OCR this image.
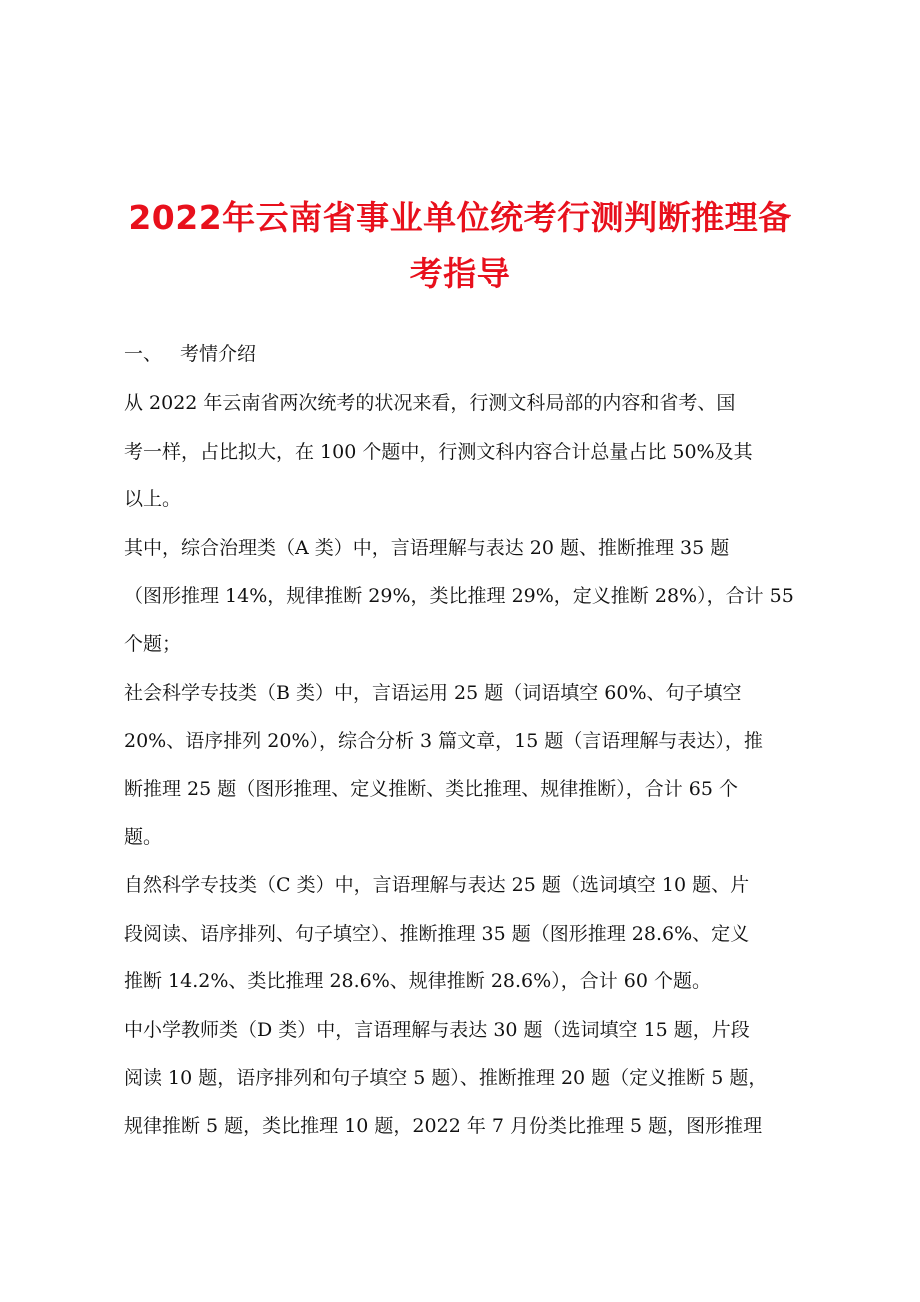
2022年云南省事业单位统考行测判断推理备
考指导
一、 考情介绍

从 2022 年云南省两次统考的状况来看，行测文科局部的内容和省考、国

考一样，占比拟大，在 100 个题中，行测文科内容合计总量占比 50%及其

以上。

其中，综合治理类（A 类）中，言语理解与表达 20 题、推断推理 35 题

（图形推理 14%，规律推断 29%，类比推理 29%，定义推断 28%），合计 55

个题；

社会科学专技类（B 类）中，言语运用 25 题（词语填空 60%、句子填空

20%、语序排列 20%），综合分析 3 篇文章，15 题（言语理解与表达），推

断推理 25 题（图形推理、定义推断、类比推理、规律推断），合计 65 个

题。

自然科学专技类（C 类）中，言语理解与表达 25 题（选词填空 10 题、片

段阅读、语序排列、句子填空）、推断推理 35 题（图形推理 28.6%、定义

推断 14.2%、类比推理 28.6%、规律推断 28.6%），合计 60 个题。

中小学教师类（D 类）中，言语理解与表达 30 题（选词填空 15 题，片段

阅读 10 题，语序排列和句子填空 5 题）、推断推理 20 题（定义推断 5 题，

规律推断 5 题，类比推理 10 题，2022 年 7 月份类比推理 5 题，图形推理
